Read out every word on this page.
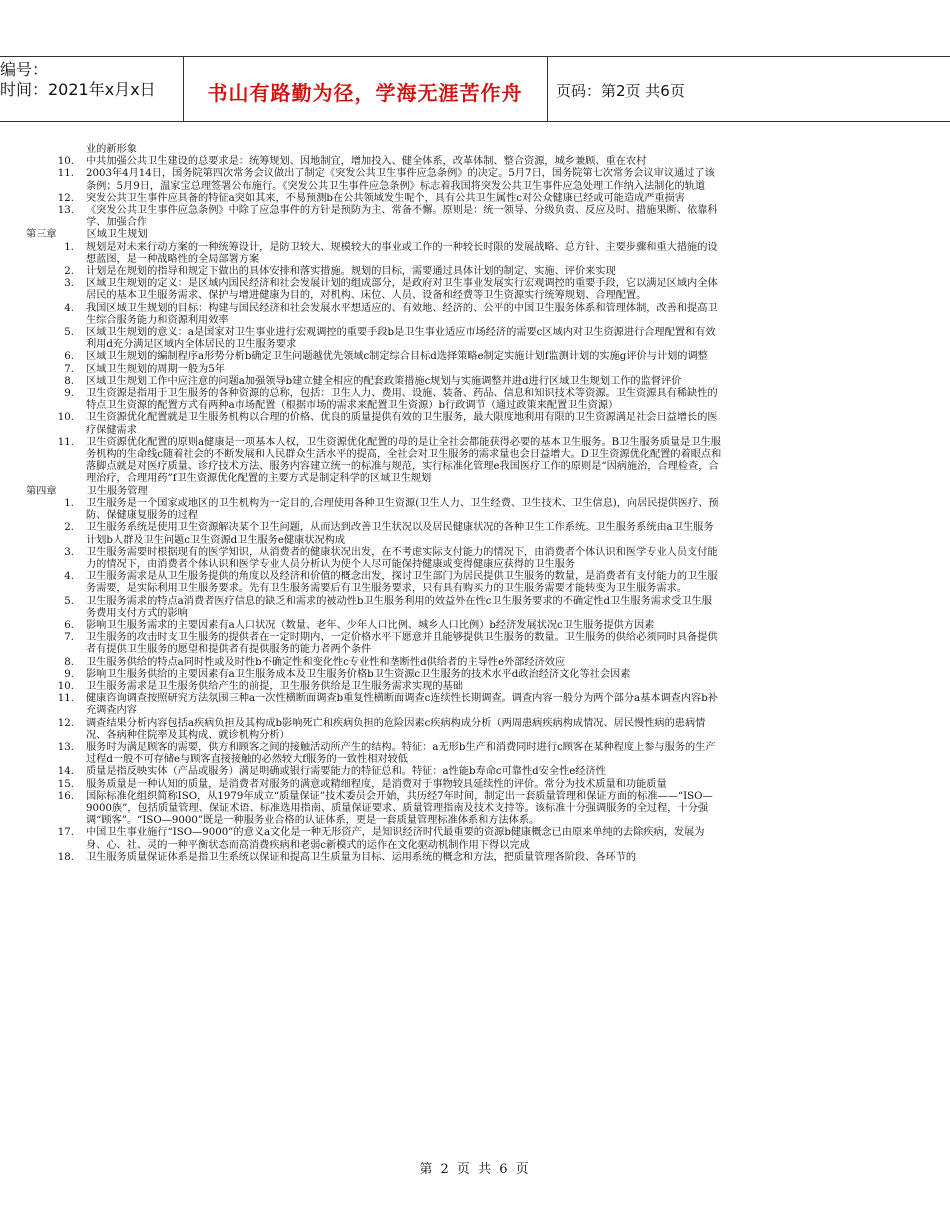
编号：
时间：2021年x月x日	书山有路勤为径，学海无涯苦作舟	页码：第2页 共6页
业的新形象
10. 中共加强公共卫生建设的总要求是：统筹规划、因地制宜，增加投入、健全体系，改革体制、整合资源，城乡兼顾、重在农村
11. 2003年4月14日，国务院第四次常务会议做出了制定《突发公共卫生事件应急条例》的决定。5月7日，国务院第七次常务会议审议通过了该条例；5月9日，温家宝总理签署公布施行。《突发公共卫生事件应急条例》标志着我国将突发公共卫生事件应急处理工作纳入法制化的轨道
12. 突发公共卫生事件应具备的特征a突如其来，不易预测b在公共领域发生呢个，具有公共卫生属性c对公众健康已经或可能造成严重损害
13. 《突发公共卫生事件应急条例》中除了应急事件的方针是预防为主、常备不懈。原则是：统一领导、分级负责、反应及时、措施果断、依靠科学、加强合作
第三章	区域卫生规划
1. 规划是对未来行动方案的一种统筹设计，是防卫较大、规模较大的事业或工作的一种较长时限的发展战略、总方针、主要步骤和重大措施的设想蓝图，是一种战略性的全局部署方案
2. 计划是在规划的指导和规定下做出的具体安排和落实措施。规划的目标，需要通过具体计划的制定、实施、评价来实现
3. 区域卫生规划的定义：是区域内国民经济和社会发展计划的组成部分，是政府对卫生事业发展实行宏观调控的重要手段，它以满足区域内全体居民的基本卫生服务需求、保护与增进健康为目的，对机构、床位、人员、设备和经费等卫生资源实行统筹规划、合理配置。
4. 我国区域卫生规划的目标：构建与国民经济和社会发展水平想适应的、有效地、经济的、公平的中国卫生服务体系和管理体制，改善和提高卫生综合服务能力和资源利用效率
5. 区域卫生规划的意义：a是国家对卫生事业进行宏观调控的重要手段b是卫生事业适应市场经济的需要c区域内对卫生资源进行合理配置和有效利用d充分满足区域内全体居民的卫生服务要求
6. 区域卫生规划的编制程序a形势分析b确定卫生问题越优先领域c制定综合目标d选择策略e制定实施计划f监测计划的实施g评价与计划的调整
7. 区域卫生规划的周期一般为5年
8. 区域卫生规划工作中应注意的问题a加强领导b建立健全相应的配套政策措施c规划与实施调整并进d进行区域卫生规划工作的监督评价
9. 卫生资源是指用于卫生服务的各种资源的总称，包括：卫生人力、费用、设施、装备、药品、信息和知识技术等资源。卫生资源具有稀缺性的特点卫生资源的配置方式有两种a市场配置（根据市场的需求来配置卫生资源）b行政调节（通过政策来配置卫生资源）
10. 卫生资源优化配置就是卫生服务机构以合理的价格、优良的质量提供有效的卫生服务，最大限度地利用有限的卫生资源满足社会日益增长的医疗保健需求
11. 卫生资源优化配置的原则a健康是一项基本人权，卫生资源优化配置的母的是让全社会都能获得必要的基本卫生服务。B卫生服务质量是卫生服务机构的生命线c随着社会的不断发展和人民群众生活水平的提高，全社会对卫生服务的需求量也会日益增大。D卫生资源优化配置的着眼点和落脚点就是对医疗质量、诊疗技术方法、服务内容建立统一的标准与规范，实行标准化管理e我国医疗工作的原则是“因病施治，合理检查，合理治疗，合理用药”f卫生资源优化配置的主要方式是制定科学的区域卫生规划
第四章	卫生服务管理
1. 卫生服务是一个国家或地区的卫生机构为一定目的,合理使用各种卫生资源(卫生人力、卫生经费、卫生技术、卫生信息)，向居民提供医疗、预防、保健康复服务的过程
2. 卫生服务系统是使用卫生资源解决某个卫生问题，从而达到改善卫生状况以及居民健康状况的各种卫生工作系统。卫生服务系统由a卫生服务计划b人群及卫生问题c卫生资源d卫生服务e健康状况构成
3. 卫生服务需要时根据现有的医学知识，从消费者的健康状况出发，在不考虑实际支付能力的情况下，由消费者个体认识和医学专业人员支付能力的情况下，由消费者个体认识和医学专业人员分析认为使个人尽可能保持健康或变得健康应获得的卫生服务
4. 卫生服务需求是从卫生服务提供的角度以及经济和价值的概念出发，探讨卫生部门为居民提供卫生服务的数量，是消费者有支付能力的卫生服务需要，是实际利用卫生服务要求。先有卫生服务需要后有卫生服务要求，只有具有购买力的卫生服务需要才能转变为卫生服务需求。
5. 卫生服务需求的特点a消费者医疗信息的缺乏和需求的被动性b卫生服务利用的效益外在性c卫生服务要求的不确定性d卫生服务需求受卫生服务费用支付方式的影响
6. 影响卫生服务需求的主要因素有a人口状况（数量、老年、少年人口比例、城乡人口比例）b经济发展状况c卫生服务提供方因素
7. 卫生服务的攻击时支卫生服务的提供者在一定时期内、一定价格水平下愿意并且能够提供卫生服务的数量。卫生服务的供给必须同时具备提供者有提供卫生服务的愿望和提供者有提供服务的能力者两个条件
8. 卫生服务供给的特点a同时性或及时性b不确定性和变化性c专业性和垄断性d供给者的主导性e外部经济效应
9. 影响卫生服务供给的主要因素有a卫生服务成本及卫生服务价格b卫生资源c卫生服务的技术水平d政治经济文化等社会因素
10. 卫生服务需求是卫生服务供给产生的前提，卫生服务供给是卫生服务需求实现的基础
11. 健康咨询调查按照研究方法氛围三种a一次性横断面调查b重复性横断面调查c连续性长期调查。调查内容一般分为两个部分a基本调查内容b补充调查内容
12. 调查结果分析内容包括a疾病负担及其构成b影响死亡和疾病负担的危险因素c疾病构成分析（两周患病疾病构成情况、居民慢性病的患病情况、各病种住院率及其构成、就诊机构分析）
13. 服务时为满足顾客的需要，供方和顾客之间的接触活动所产生的结构。特征：a无形b生产和消费同时进行c顾客在某种程度上参与服务的生产过程d一般不可存储e与顾客直接接触的必然较大f服务的一致性相对较低
14. 质量是指反映实体（产品或服务）满足明确或银行需要能力的特征总和。特征：a性能b寿命c可靠性d安全性e经济性
15. 服务质量是一种认知的质量，是消费者对服务的满意或精细程度，是消费对于事物较具延续性的评价。常分为技术质量和功能质量
16. 国际标准化组织简称ISO，从1979年成立“质量保证”技术委员会开始，共历经7年时间，制定出一套质量管理和保证方面的标准——“ISO—9000族”，包括质量管理、保证术语、标准选用指南、质量保证要求、质量管理指南及技术支持等。该标准十分强调服务的全过程，十分强调“顾客”。“ISO—9000”既是一种服务业合格的认证体系，更是一套质量管理标准体系和方法体系。
17. 中国卫生事业施行“ISO—9000”的意义a文化是一种无形资产，是知识经济时代最重要的资源b健康概念已由原来单纯的去除疾病，发展为身、心、社、灵的一种平衡状态而高消费疾病和老弱c新模式的运作在文化驱动机制作用下得以完成
18. 卫生服务质量保证体系是指卫生系统以保证和提高卫生质量为目标、运用系统的概念和方法，把质量管理各阶段、各环节的
第 2 页 共 6 页
